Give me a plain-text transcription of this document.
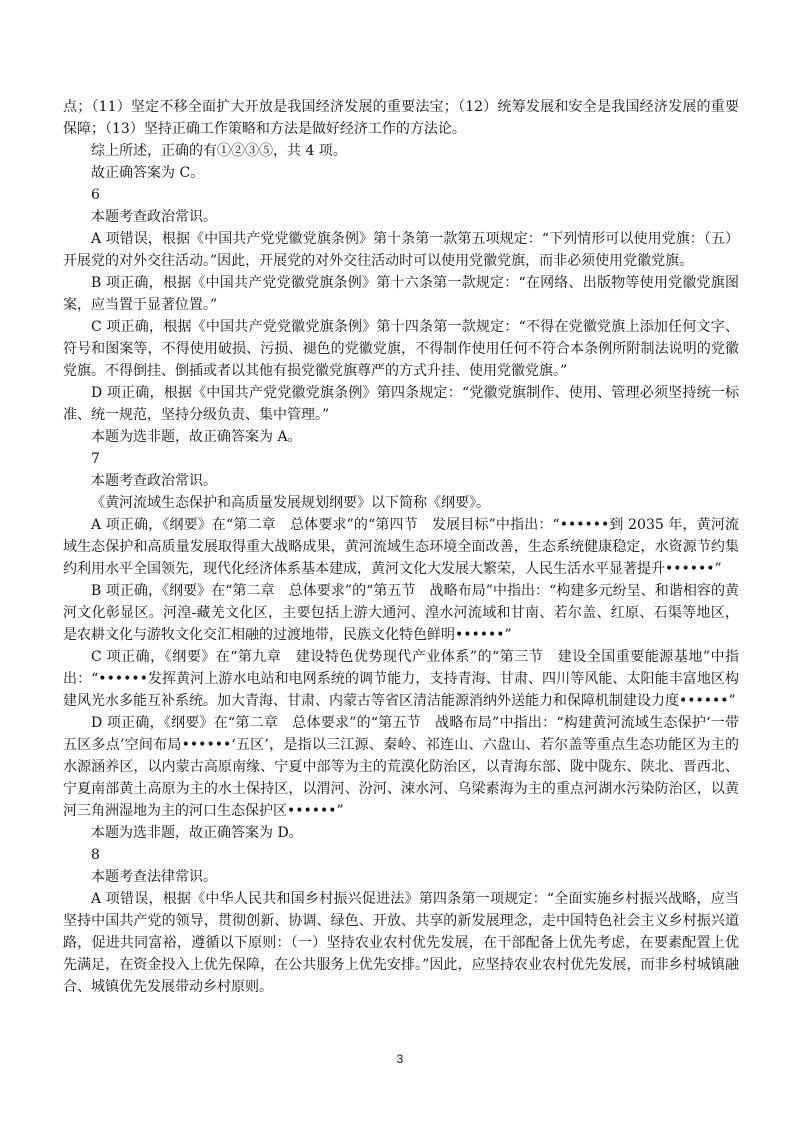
点；（11）坚定不移全面扩大开放是我国经济发展的重要法宝；（12）统筹发展和安全是我国经济发展的重要保障；（13）坚持正确工作策略和方法是做好经济工作的方法论。

综上所述，正确的有①②③⑤，共 4 项。

故正确答案为 C。

6

本题考查政治常识。

A 项错误，根据《中国共产党党徽党旗条例》第十条第一款第五项规定：“下列情形可以使用党旗：（五）开展党的对外交往活动。”因此，开展党的对外交往活动时可以使用党徽党旗，而非必须使用党徽党旗。

B 项正确，根据《中国共产党党徽党旗条例》第十六条第一款规定：“在网络、出版物等使用党徽党旗图案，应当置于显著位置。”

C 项正确，根据《中国共产党党徽党旗条例》第十四条第一款规定：“不得在党徽党旗上添加任何文字、符号和图案等，不得使用破损、污损、褪色的党徽党旗，不得制作使用任何不符合本条例所附制法说明的党徽党旗。不得倒挂、倒插或者以其他有损党徽党旗尊严的方式升挂、使用党徽党旗。”

D 项正确，根据《中国共产党党徽党旗条例》第四条规定：“党徽党旗制作、使用、管理必须坚持统一标准、统一规范，坚持分级负责、集中管理。”

本题为选非题，故正确答案为 A。

7

本题考查政治常识。

《黄河流域生态保护和高质量发展规划纲要》以下简称《纲要》。

A 项正确，《纲要》在“第二章　总体要求”的“第四节　发展目标”中指出：“••••••到 2035 年，黄河流域生态保护和高质量发展取得重大战略成果，黄河流域生态环境全面改善，生态系统健康稳定，水资源节约集约利用水平全国领先，现代化经济体系基本建成，黄河文化大发展大繁荣，人民生活水平显著提升••••••”

B 项正确，《纲要》在“第二章　总体要求”的“第五节　战略布局”中指出：“构建多元纷呈、和谐相容的黄河文化彰显区。河湟-藏羌文化区，主要包括上游大通河、湟水河流域和甘南、若尔盖、红原、石渠等地区，是农耕文化与游牧文化交汇相融的过渡地带，民族文化特色鲜明••••••”

C 项正确，《纲要》在“第九章　建设特色优势现代产业体系”的“第三节　建设全国重要能源基地”中指出：“••••••发挥黄河上游水电站和电网系统的调节能力，支持青海、甘肃、四川等风能、太阳能丰富地区构建风光水多能互补系统。加大青海、甘肃、内蒙古等省区清洁能源消纳外送能力和保障机制建设力度••••••”

D 项正确，《纲要》在“第二章　总体要求”的“第五节　战略布局”中指出：“构建黄河流域生态保护‘一带五区多点’空间布局••••••‘五区’，是指以三江源、秦岭、祁连山、六盘山、若尔盖等重点生态功能区为主的水源涵养区，以内蒙古高原南缘、宁夏中部等为主的荒漠化防治区，以青海东部、陇中陇东、陕北、晋西北、宁夏南部黄土高原为主的水土保持区，以渭河、汾河、涑水河、乌梁素海为主的重点河湖水污染防治区，以黄河三角洲湿地为主的河口生态保护区••••••”

本题为选非题，故正确答案为 D。

8

本题考查法律常识。

A 项错误，根据《中华人民共和国乡村振兴促进法》第四条第一项规定：“全面实施乡村振兴战略，应当坚持中国共产党的领导，贯彻创新、协调、绿色、开放、共享的新发展理念，走中国特色社会主义乡村振兴道路，促进共同富裕，遵循以下原则：（一）坚持农业农村优先发展，在干部配备上优先考虑，在要素配置上优先满足，在资金投入上优先保障，在公共服务上优先安排。”因此，应坚持农业农村优先发展，而非乡村城镇融合、城镇优先发展带动乡村原则。

3
